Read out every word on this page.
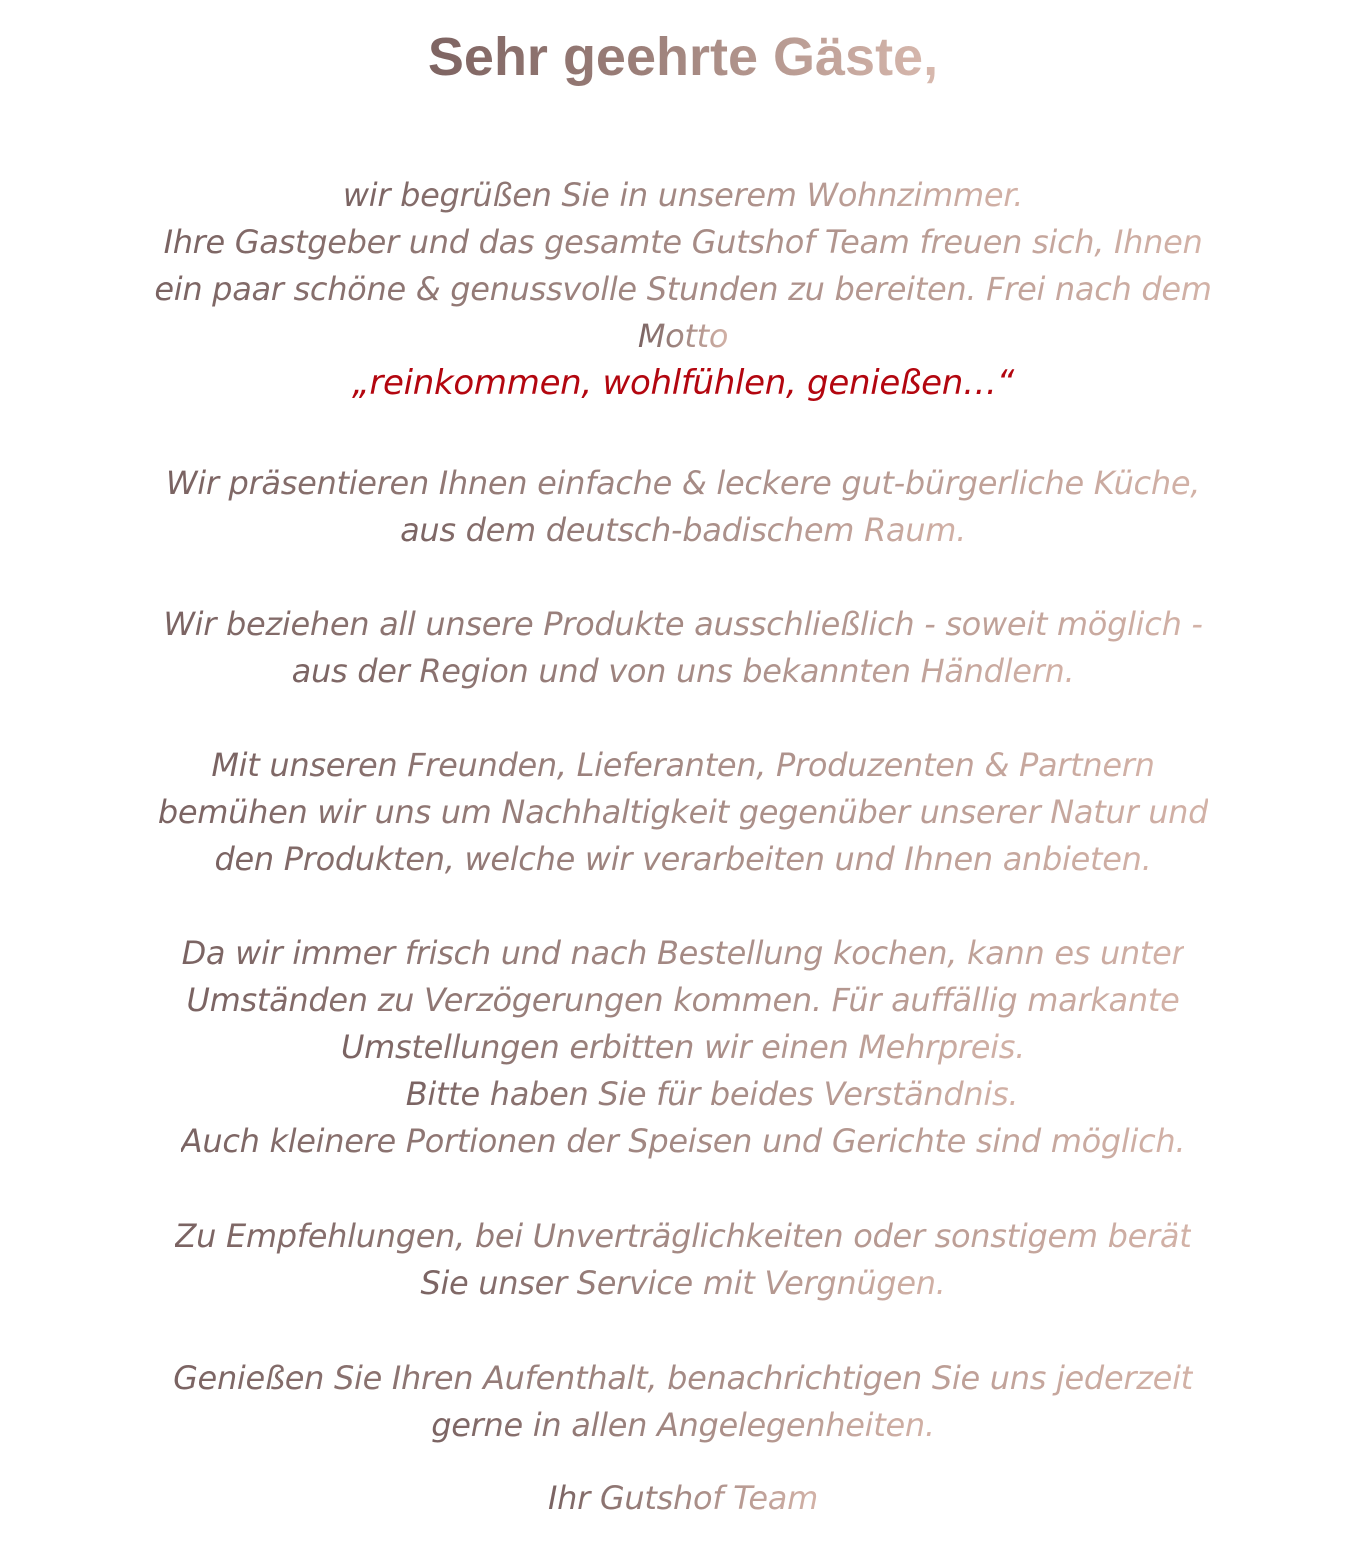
Sehr geehrte Gäste,
wir begrüßen Sie in unserem Wohnzimmer.
Ihre Gastgeber und das gesamte Gutshof Team freuen sich, Ihnen
ein paar schöne & genussvolle Stunden zu bereiten. Frei nach dem
Motto
„reinkommen, wohlfühlen, genießen…“
Wir präsentieren Ihnen einfache & leckere gut-bürgerliche Küche,
aus dem deutsch-badischem Raum.
Wir beziehen all unsere Produkte ausschließlich - soweit möglich -
aus der Region und von uns bekannten Händlern.
Mit unseren Freunden, Lieferanten, Produzenten & Partnern
bemühen wir uns um Nachhaltigkeit gegenüber unserer Natur und
den Produkten, welche wir verarbeiten und Ihnen anbieten.
Da wir immer frisch und nach Bestellung kochen, kann es unter
Umständen zu Verzögerungen kommen. Für auffällig markante
Umstellungen erbitten wir einen Mehrpreis.
Bitte haben Sie für beides Verständnis.
Auch kleinere Portionen der Speisen und Gerichte sind möglich.
Zu Empfehlungen, bei Unverträglichkeiten oder sonstigem berät
Sie unser Service mit Vergnügen.
Genießen Sie Ihren Aufenthalt, benachrichtigen Sie uns jederzeit
gerne in allen Angelegenheiten.
Ihr Gutshof Team
